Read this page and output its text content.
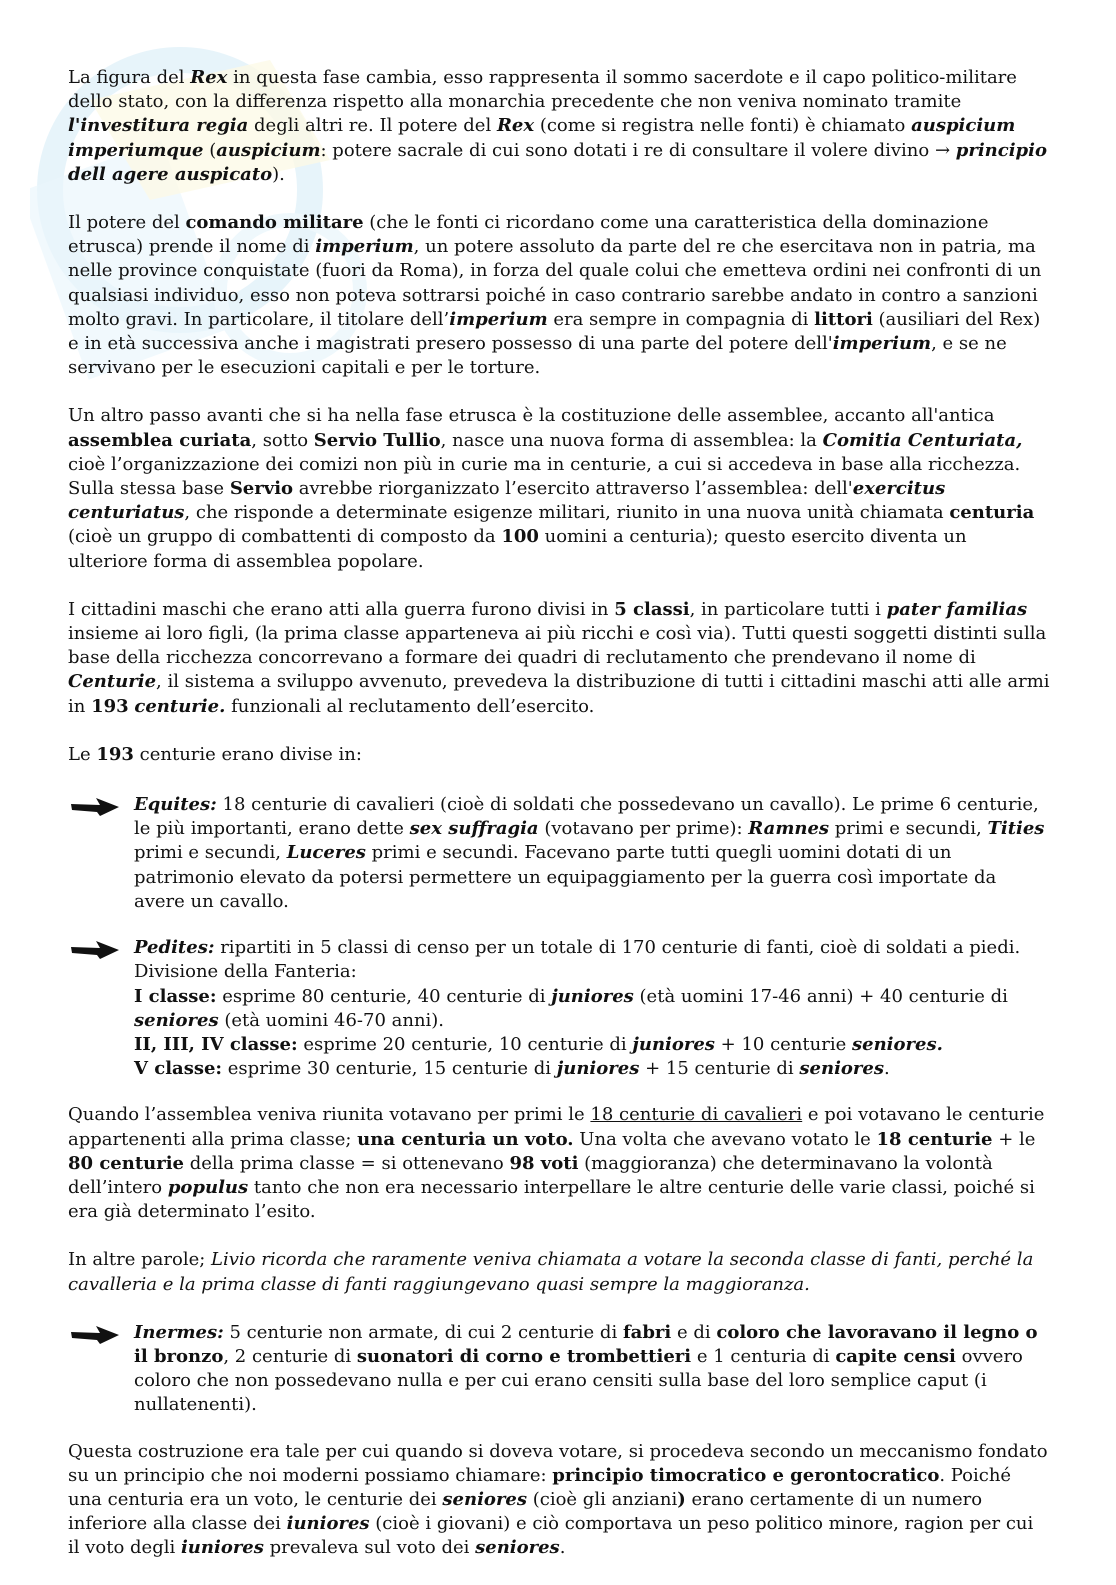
La figura del Rex in questa fase cambia, esso rappresenta il sommo sacerdote e il capo politico-militare dello stato, con la differenza rispetto alla monarchia precedente che non veniva nominato tramite l'investitura regia degli altri re. Il potere del Rex (come si registra nelle fonti) è chiamato auspicium imperiumque (auspicium: potere sacrale di cui sono dotati i re di consultare il volere divino → principio dell agere auspicato).

Il potere del comando militare (che le fonti ci ricordano come una caratteristica della dominazione etrusca) prende il nome di imperium, un potere assoluto da parte del re che esercitava non in patria, ma nelle province conquistate (fuori da Roma), in forza del quale colui che emetteva ordini nei confronti di un qualsiasi individuo, esso non poteva sottrarsi poiché in caso contrario sarebbe andato in contro a sanzioni molto gravi. In particolare, il titolare dell’imperium era sempre in compagnia di littori (ausiliari del Rex) e in età successiva anche i magistrati presero possesso di una parte del potere dell'imperium, e se ne servivano per le esecuzioni capitali e per le torture.

Un altro passo avanti che si ha nella fase etrusca è la costituzione delle assemblee, accanto all'antica assemblea curiata, sotto Servio Tullio, nasce una nuova forma di assemblea: la Comitia Centuriata, cioè l’organizzazione dei comizi non più in curie ma in centurie, a cui si accedeva in base alla ricchezza. Sulla stessa base Servio avrebbe riorganizzato l’esercito attraverso l’assemblea: dell'exercitus centuriatus, che risponde a determinate esigenze militari, riunito in una nuova unità chiamata centuria (cioè un gruppo di combattenti di composto da 100 uomini a centuria); questo esercito diventa un ulteriore forma di assemblea popolare.

I cittadini maschi che erano atti alla guerra furono divisi in 5 classi, in particolare tutti i pater familias insieme ai loro figli, (la prima classe apparteneva ai più ricchi e così via). Tutti questi soggetti distinti sulla base della ricchezza concorrevano a formare dei quadri di reclutamento che prendevano il nome di Centurie, il sistema a sviluppo avvenuto, prevedeva la distribuzione di tutti i cittadini maschi atti alle armi in 193 centurie. funzionali al reclutamento dell’esercito.

Le 193 centurie erano divise in:

Equites: 18 centurie di cavalieri (cioè di soldati che possedevano un cavallo). Le prime 6 centurie, le più importanti, erano dette sex suffragia (votavano per prime): Ramnes primi e secundi, Tities primi e secundi, Luceres primi e secundi. Facevano parte tutti quegli uomini dotati di un patrimonio elevato da potersi permettere un equipaggiamento per la guerra così importate da avere un cavallo.
Pedites: ripartiti in 5 classi di censo per un totale di 170 centurie di fanti, cioè di soldati a piedi.
Divisione della Fanteria:
I classe: esprime 80 centurie, 40 centurie di juniores (età uomini 17-46 anni) + 40 centurie di seniores (età uomini 46-70 anni).
II, III, IV classe: esprime 20 centurie, 10 centurie di juniores + 10 centurie seniores.
V classe: esprime 30 centurie, 15 centurie di juniores + 15 centurie di seniores.

Quando l’assemblea veniva riunita votavano per primi le 18 centurie di cavalieri e poi votavano le centurie appartenenti alla prima classe; una centuria un voto. Una volta che avevano votato le 18 centurie + le 80 centurie della prima classe = si ottenevano 98 voti (maggioranza) che determinavano la volontà dell’intero populus tanto che non era necessario interpellare le altre centurie delle varie classi, poiché si era già determinato l’esito.

In altre parole; Livio ricorda che raramente veniva chiamata a votare la seconda classe di fanti, perché la cavalleria e la prima classe di fanti raggiungevano quasi sempre la maggioranza.

Inermes: 5 centurie non armate, di cui 2 centurie di fabri e di coloro che lavoravano il legno o il bronzo, 2 centurie di suonatori di corno e trombettieri e 1 centuria di capite censi ovvero coloro che non possedevano nulla e per cui erano censiti sulla base del loro semplice caput (i nullatenenti).

Questa costruzione era tale per cui quando si doveva votare, si procedeva secondo un meccanismo fondato su un principio che noi moderni possiamo chiamare: principio timocratico e gerontocratico. Poiché una centuria era un voto, le centurie dei seniores (cioè gli anziani) erano certamente di un numero inferiore alla classe dei iuniores (cioè i giovani) e ciò comportava un peso politico minore, ragion per cui il voto degli iuniores prevaleva sul voto dei seniores.
